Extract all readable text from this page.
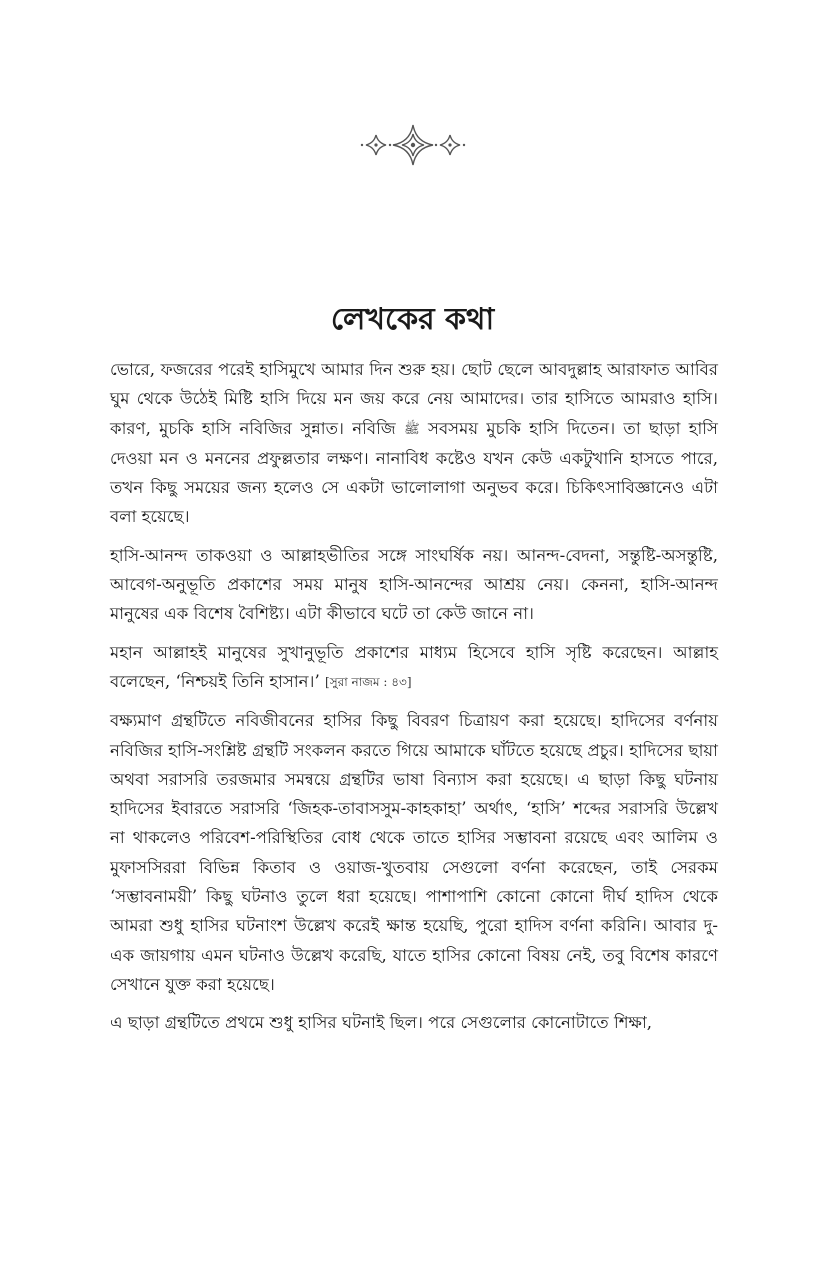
লেখকের কথা

ভোরে, ফজরের পরেই হাসিমুখে আমার দিন শুরু হয়। ছোট ছেলে আবদুল্লাহ আরাফাত আবির ঘুম থেকে উঠেই মিষ্টি হাসি দিয়ে মন জয় করে নেয় আমাদের। তার হাসিতে আমরাও হাসি। কারণ, মুচকি হাসি নবিজির সুন্নাত। নবিজি ﷺ সবসময় মুচকি হাসি দিতেন। তা ছাড়া হাসি দেওয়া মন ও মননের প্রফুল্লতার লক্ষণ। নানাবিধ কষ্টেও যখন কেউ একটুখানি হাসতে পারে, তখন কিছু সময়ের জন্য হলেও সে একটা ভালোলাগা অনুভব করে। চিকিৎসাবিজ্ঞানেও এটা বলা হয়েছে।

হাসি-আনন্দ তাকওয়া ও আল্লাহভীতির সঙ্গে সাংঘর্ষিক নয়। আনন্দ-বেদনা, সন্তুষ্টি-অসন্তুষ্টি, আবেগ-অনুভূতি প্রকাশের সময় মানুষ হাসি-আনন্দের আশ্রয় নেয়। কেননা, হাসি-আনন্দ মানুষের এক বিশেষ বৈশিষ্ট্য। এটা কীভাবে ঘটে তা কেউ জানে না।

মহান আল্লাহই মানুষের সুখানুভূতি প্রকাশের মাধ্যম হিসেবে হাসি সৃষ্টি করেছেন। আল্লাহ বলেছেন, ‘নিশ্চয়ই তিনি হাসান।’ [সুরা নাজম : ৪৩]

বক্ষ্যমাণ গ্রন্থটিতে নবিজীবনের হাসির কিছু বিবরণ চিত্রায়ণ করা হয়েছে। হাদিসের বর্ণনায় নবিজির হাসি-সংশ্লিষ্ট গ্রন্থটি সংকলন করতে গিয়ে আমাকে ঘাঁটতে হয়েছে প্রচুর। হাদিসের ছায়া অথবা সরাসরি তরজমার সমন্বয়ে গ্রন্থটির ভাষা বিন্যাস করা হয়েছে। এ ছাড়া কিছু ঘটনায় হাদিসের ইবারতে সরাসরি ‘জিহক-তাবাসসুম-কাহকাহা’ অর্থাৎ, ‘হাসি’ শব্দের সরাসরি উল্লেখ না থাকলেও পরিবেশ-পরিস্থিতির বোধ থেকে তাতে হাসির সম্ভাবনা রয়েছে এবং আলিম ও মুফাসসিররা বিভিন্ন কিতাব ও ওয়াজ-খুতবায় সেগুলো বর্ণনা করেছেন, তাই সেরকম ‘সম্ভাবনাময়ী’ কিছু ঘটনাও তুলে ধরা হয়েছে। পাশাপাশি কোনো কোনো দীর্ঘ হাদিস থেকে আমরা শুধু হাসির ঘটনাংশ উল্লেখ করেই ক্ষান্ত হয়েছি, পুরো হাদিস বর্ণনা করিনি। আবার দু-এক জায়গায় এমন ঘটনাও উল্লেখ করেছি, যাতে হাসির কোনো বিষয় নেই, তবু বিশেষ কারণে সেখানে যুক্ত করা হয়েছে।

এ ছাড়া গ্রন্থটিতে প্রথমে শুধু হাসির ঘটনাই ছিল। পরে সেগুলোর কোনোটাতে শিক্ষা,
